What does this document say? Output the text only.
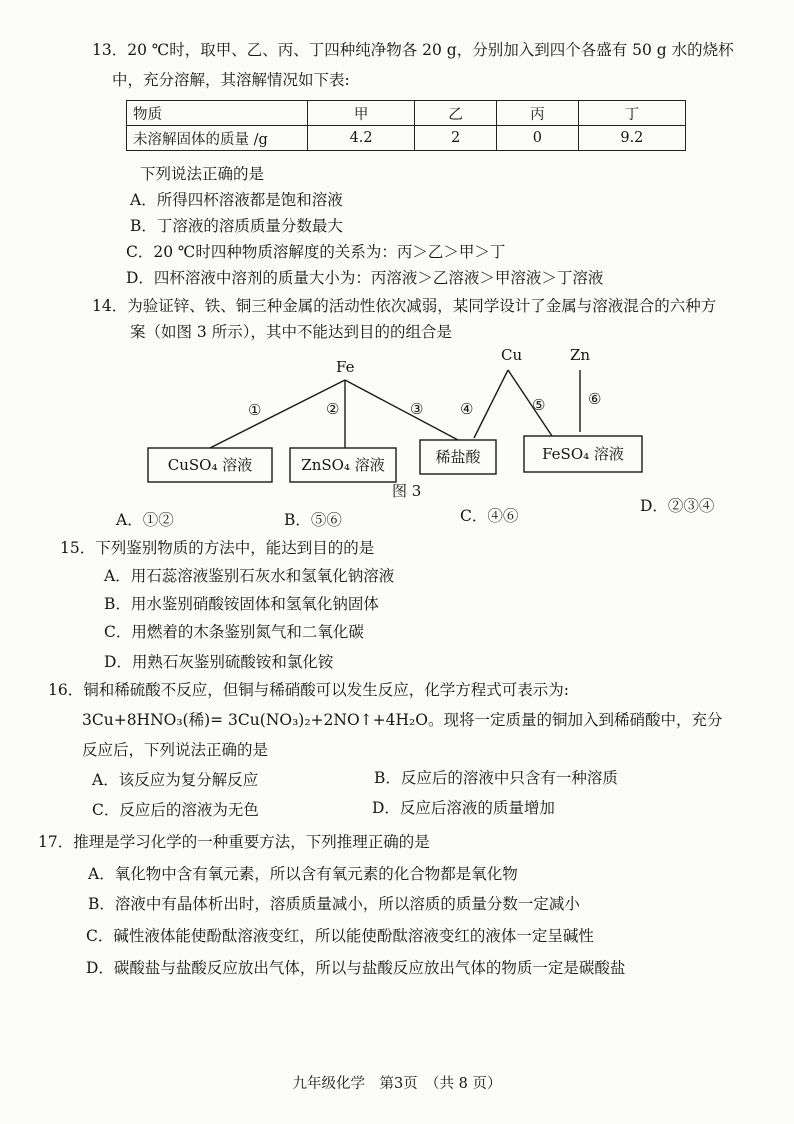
13．20 ℃时，取甲、乙、丙、丁四种纯净物各 20 g，分别加入到四个各盛有 50 g 水的烧杯
中，充分溶解，其溶解情况如下表:
物质	甲	乙	丙	丁
未溶解固体的质量 /g	4.2	2	0	9.2
下列说法正确的是
A．所得四杯溶液都是饱和溶液
B．丁溶液的溶质质量分数最大
C．20 ℃时四种物质溶解度的关系为：丙＞乙＞甲＞丁
D．四杯溶液中溶剂的质量大小为：丙溶液＞乙溶液＞甲溶液＞丁溶液
14．为验证锌、铁、铜三种金属的活动性依次减弱，某同学设计了金属与溶液混合的六种方
案（如图 3 所示），其中不能达到目的的组合是
Fe
Cu	Zn
①	②	③ ④	⑤	⑥
CuSO₄ 溶液	ZnSO₄ 溶液	稀盐酸	FeSO₄ 溶液
图 3
A．①②	B．⑤⑥	C．④⑥
D．②③④
15．下列鉴别物质的方法中，能达到目的的是
A．用石蕊溶液鉴别石灰水和氢氧化钠溶液
B．用水鉴别硝酸铵固体和氢氧化钠固体
C．用燃着的木条鉴别氮气和二氧化碳
D．用熟石灰鉴别硫酸铵和氯化铵
16．铜和稀硫酸不反应，但铜与稀硝酸可以发生反应，化学方程式可表示为:
3Cu+8HNO₃(稀)= 3Cu(NO₃)₂+2NO↑+4H₂O。现将一定质量的铜加入到稀硝酸中，充分
反应后，下列说法正确的是
A．该反应为复分解反应	B．反应后的溶液中只含有一种溶质
C．反应后的溶液为无色	D．反应后溶液的质量增加
17．推理是学习化学的一种重要方法，下列推理正确的是
A．氧化物中含有氧元素，所以含有氧元素的化合物都是氧化物
B．溶液中有晶体析出时，溶质质量减小，所以溶质的质量分数一定减小
C．碱性液体能使酚酞溶液变红，所以能使酚酞溶液变红的液体一定呈碱性
D．碳酸盐与盐酸反应放出气体，所以与盐酸反应放出气体的物质一定是碳酸盐
九年级化学　第3页　（共 8 页）
